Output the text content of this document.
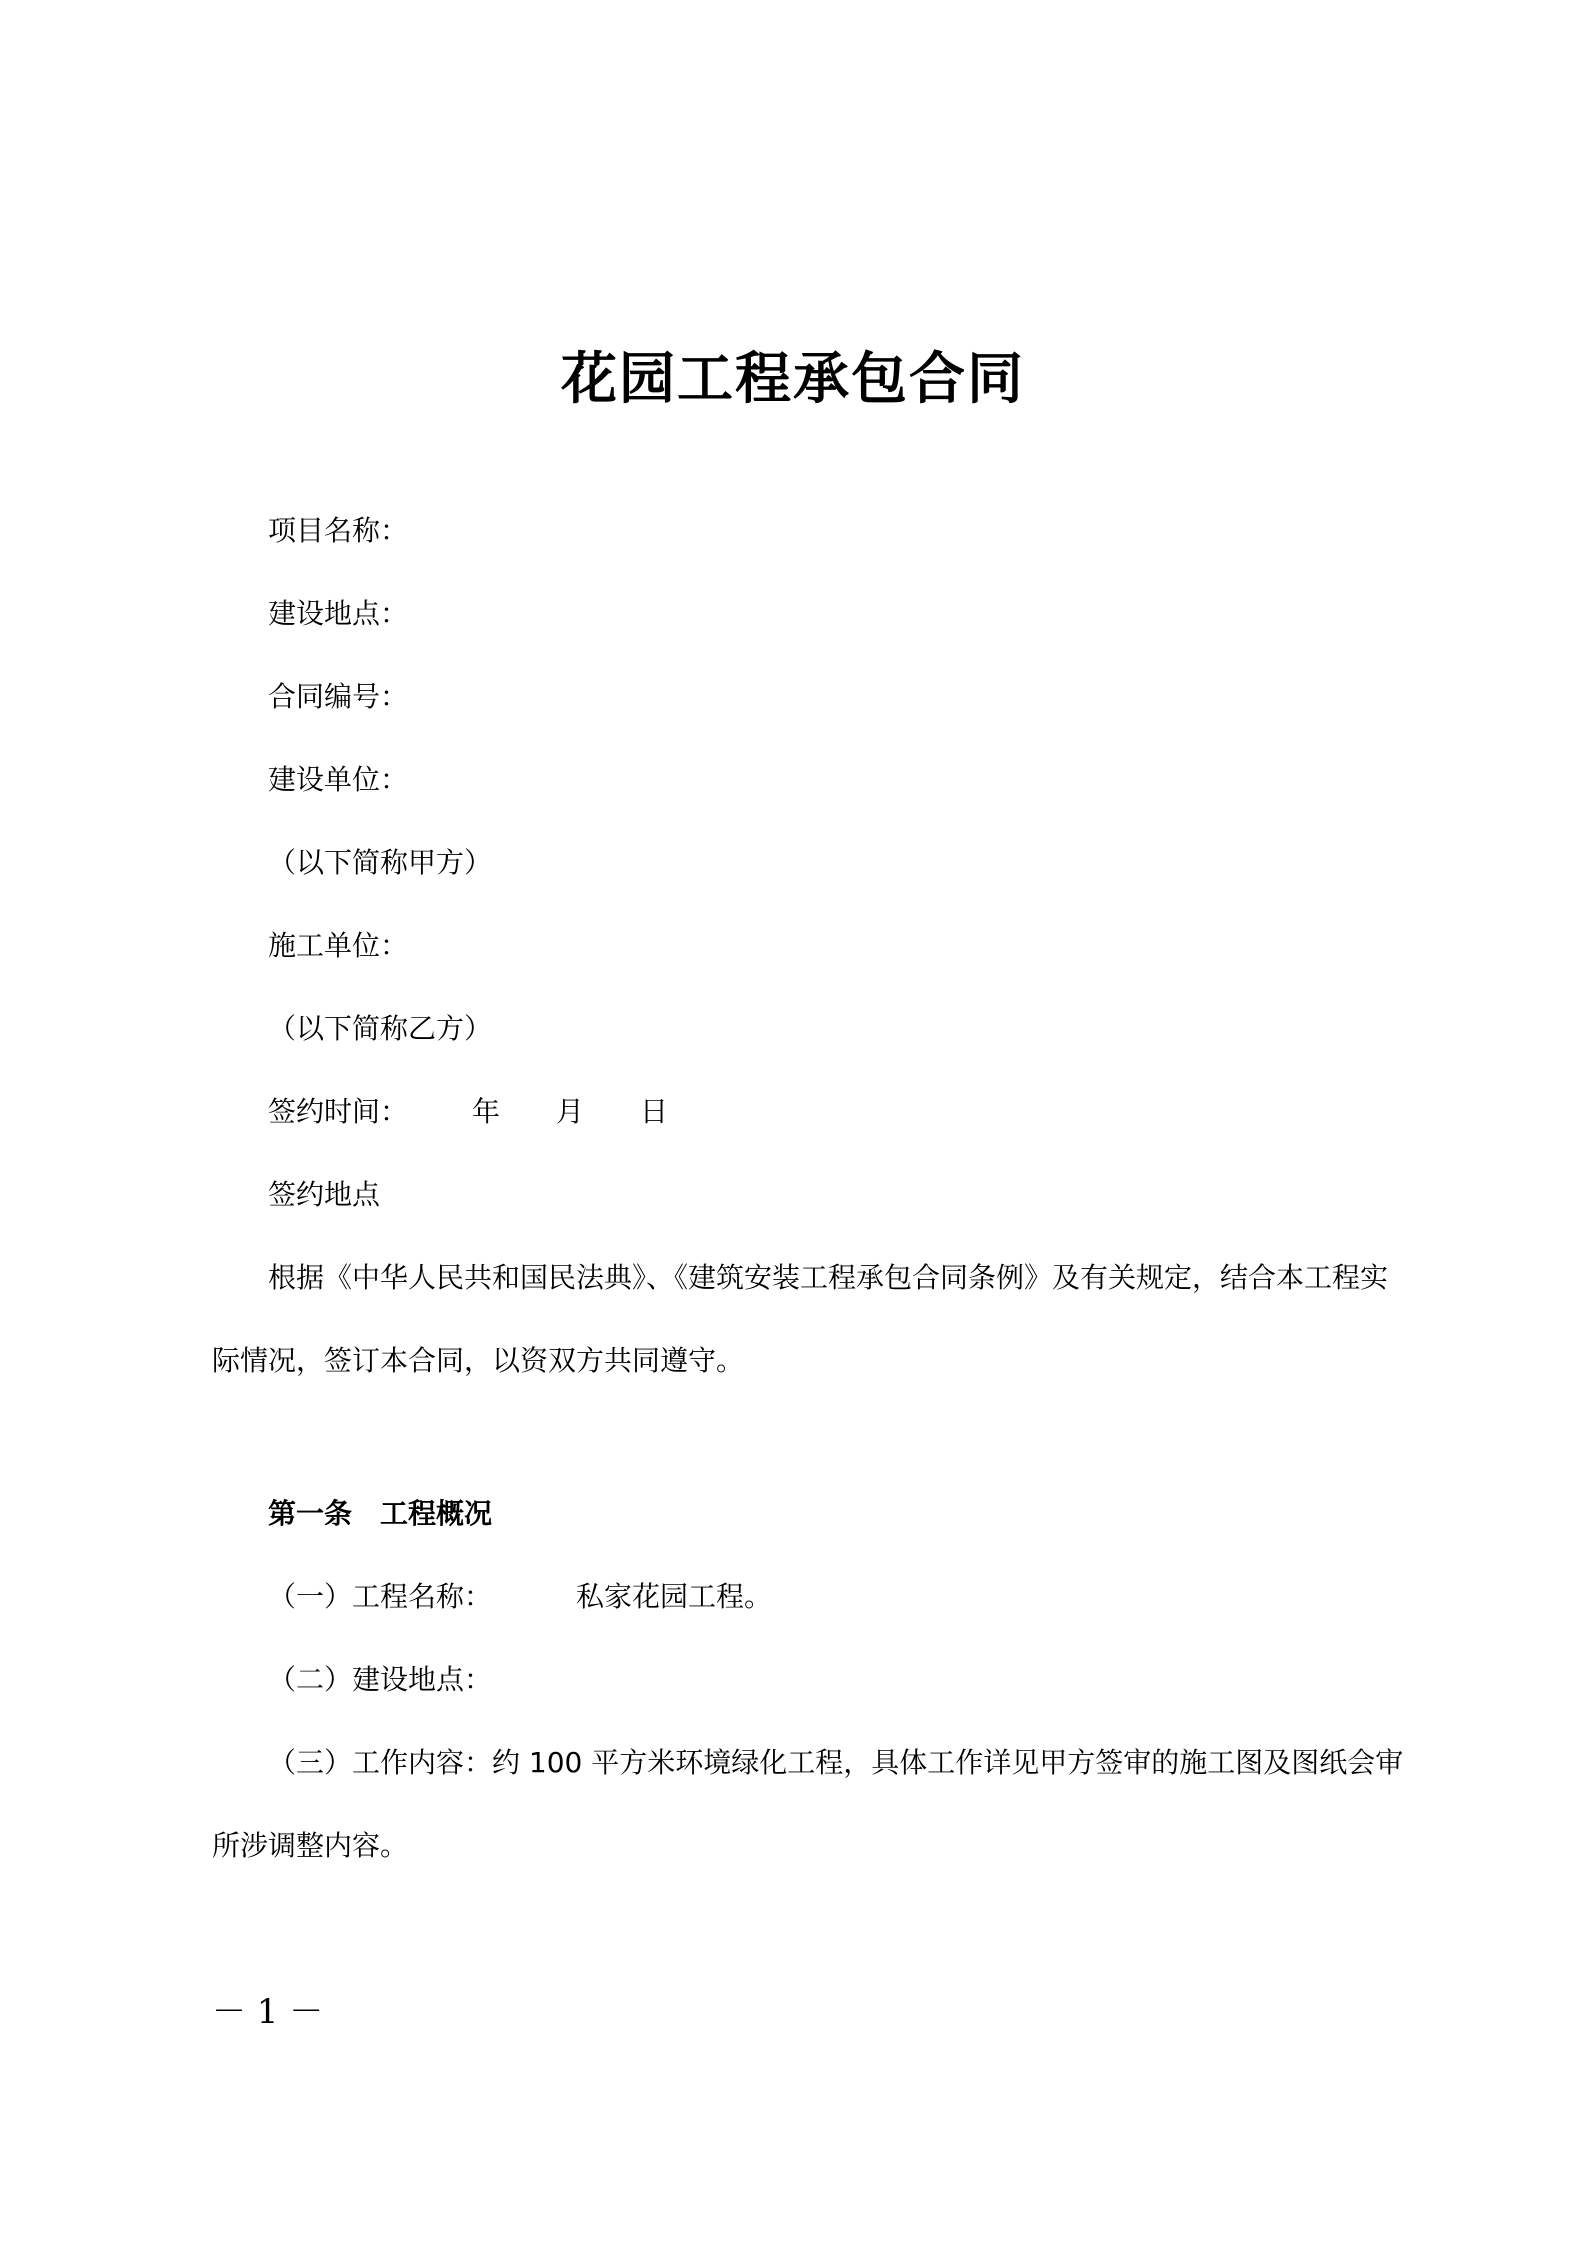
花园工程承包合同
项目名称：
建设地点：
合同编号：
建设单位：
（以下简称甲方）
施工单位：
（以下简称乙方）
签约时间： 年 月 日
签约地点
根据《中华人民共和国民法典》、《建筑安装工程承包合同条例》及有关规定，结合本工程实
际情况，签订本合同，以资双方共同遵守。
第一条 工程概况
（一）工程名称：	私家花园工程。
（二）建设地点：
（三）工作内容：约 100 平方米环境绿化工程，具体工作详见甲方签审的施工图及图纸会审
所涉调整内容。
－ 1 －
